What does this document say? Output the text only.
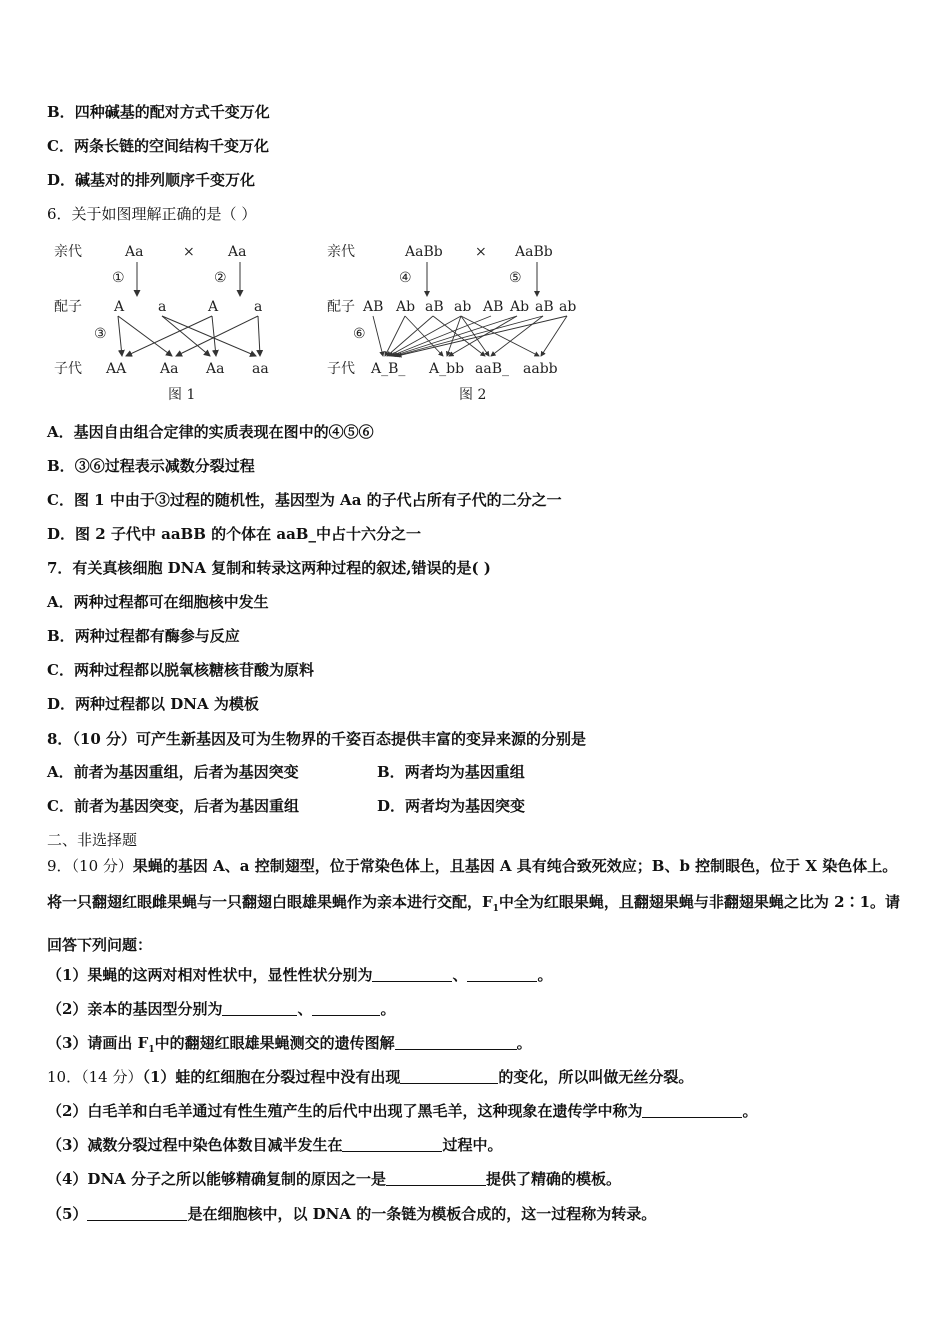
B．四种碱基的配对方式千变万化
C．两条长链的空间结构千变万化
D．碱基对的排列顺序千变万化
6．关于如图理解正确的是（ ）
亲代
配子
子代
Aa	× Aa
①	②
③
A a	A	a
AA Aa Aa aa
图 1
亲代
配子
子代
AaBb × AaBb
④	⑤
⑥
AB Ab aB ab AB Ab aB ab
A_B_ A_bb aaB_ aabb
图 2
A．基因自由组合定律的实质表现在图中的④⑤⑥
B．③⑥过程表示减数分裂过程
C．图 1 中由于③过程的随机性，基因型为 Aa 的子代占所有子代的二分之一
D．图 2 子代中 aaBB 的个体在 aaB_中占十六分之一
7．有关真核细胞 DNA 复制和转录这两种过程的叙述,错误的是( )
A．两种过程都可在细胞核中发生
B．两种过程都有酶参与反应
C．两种过程都以脱氧核糖核苷酸为原料
D．两种过程都以 DNA 为模板
8．（10 分）可产生新基因及可为生物界的千姿百态提供丰富的变异来源的分别是
A．前者为基因重组，后者为基因突变	B．两者均为基因重组
C．前者为基因突变，后者为基因重组	D．两者均为基因突变
二、非选择题
9．（10 分）果蝇的基因 A、a 控制翅型，位于常染色体上，且基因 A 具有纯合致死效应；B、b 控制眼色，位于 X 染色体上。将一只翻翅红眼雌果蝇与一只翻翅白眼雄果蝇作为亲本进行交配，$F_1$中全为红眼果蝇，且翻翅果蝇与非翻翅果蝇之比为 2∶1。请回答下列问题：
（1）果蝇的这两对相对性状中，显性性状分别为	、	。
（2）亲本的基因型分别为	、	。
（3）请画出 $F_1$中的翻翅红眼雄果蝇测交的遗传图解	。
10．（14 分）（1）蛙的红细胞在分裂过程中没有出现	的变化，所以叫做无丝分裂。
（2）白毛羊和白毛羊通过有性生殖产生的后代中出现了黑毛羊，这种现象在遗传学中称为	。
（3）减数分裂过程中染色体数目减半发生在	过程中。
（4）DNA 分子之所以能够精确复制的原因之一是	提供了精确的模板。
（5）	是在细胞核中，以 DNA 的一条链为模板合成的，这一过程称为转录。
